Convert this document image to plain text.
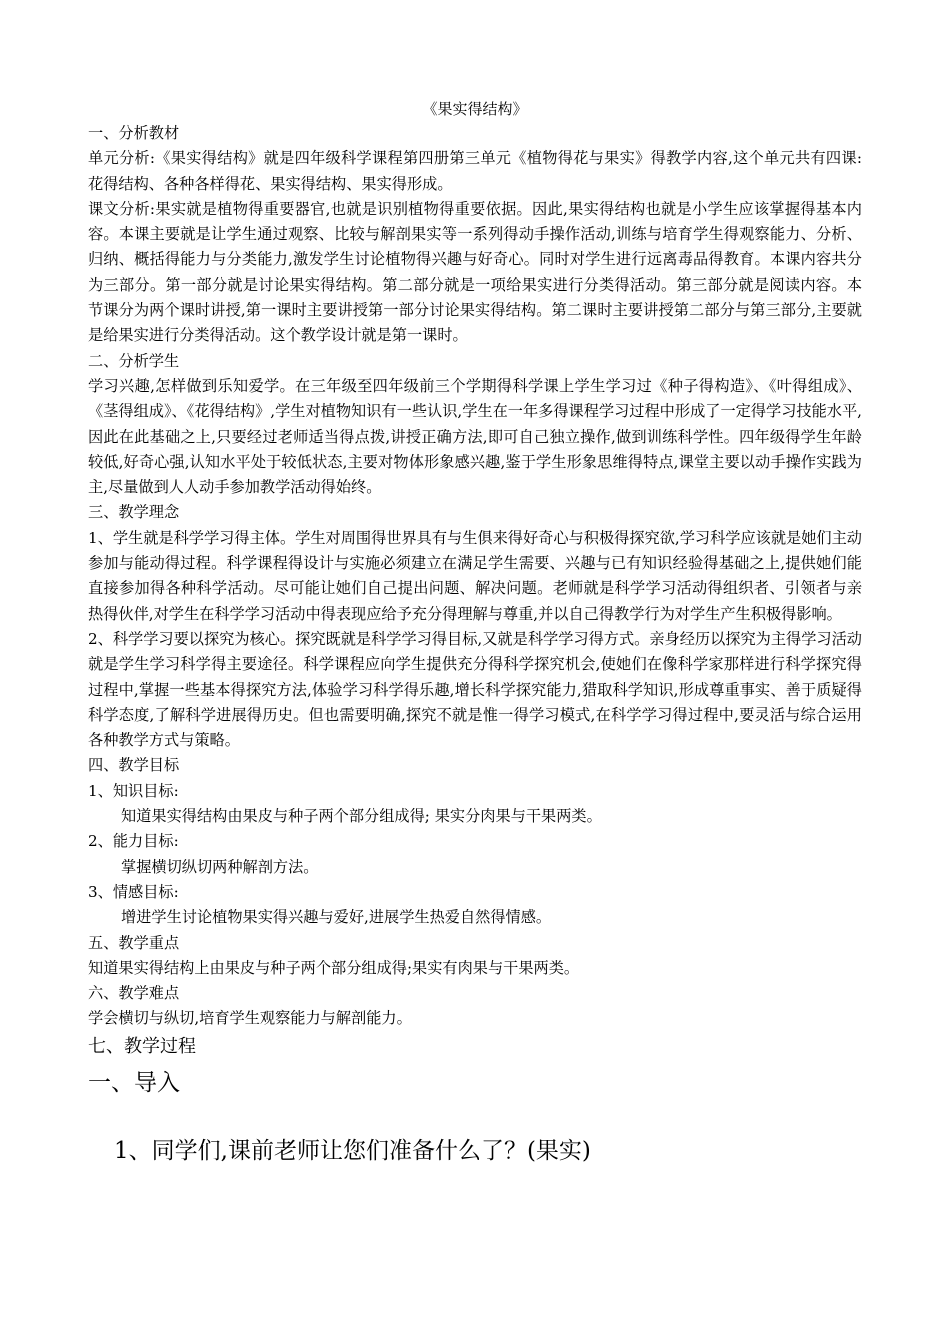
《果实得结构》

一、分析教材

单元分析:《果实得结构》就是四年级科学课程第四册第三单元《植物得花与果实》得教学内容,这个单元共有四课:花得结构、各种各样得花、果实得结构、果实得形成。

课文分析:果实就是植物得重要器官,也就是识别植物得重要依据。因此,果实得结构也就是小学生应该掌握得基本内容。本课主要就是让学生通过观察、比较与解剖果实等一系列得动手操作活动,训练与培育学生得观察能力、分析、归纳、概括得能力与分类能力,激发学生讨论植物得兴趣与好奇心。同时对学生进行远离毒品得教育。本课内容共分为三部分。第一部分就是讨论果实得结构。第二部分就是一项给果实进行分类得活动。第三部分就是阅读内容。本节课分为两个课时讲授,第一课时主要讲授第一部分讨论果实得结构。第二课时主要讲授第二部分与第三部分,主要就是给果实进行分类得活动。这个教学设计就是第一课时。

二、分析学生

学习兴趣,怎样做到乐知爱学。在三年级至四年级前三个学期得科学课上学生学习过《种子得构造》、《叶得组成》、《茎得组成》、《花得结构》,学生对植物知识有一些认识,学生在一年多得课程学习过程中形成了一定得学习技能水平,因此在此基础之上,只要经过老师适当得点拨,讲授正确方法,即可自己独立操作,做到训练科学性。四年级得学生年龄较低,好奇心强,认知水平处于较低状态,主要对物体形象感兴趣,鉴于学生形象思维得特点,课堂主要以动手操作实践为主,尽量做到人人动手参加教学活动得始终。

三、教学理念

1、学生就是科学学习得主体。学生对周围得世界具有与生俱来得好奇心与积极得探究欲,学习科学应该就是她们主动参加与能动得过程。科学课程得设计与实施必须建立在满足学生需要、兴趣与已有知识经验得基础之上,提供她们能直接参加得各种科学活动。尽可能让她们自己提出问题、解决问题。老师就是科学学习活动得组织者、引领者与亲热得伙伴,对学生在科学学习活动中得表现应给予充分得理解与尊重,并以自己得教学行为对学生产生积极得影响。

2、科学学习要以探究为核心。探究既就是科学学习得目标,又就是科学学习得方式。亲身经历以探究为主得学习活动就是学生学习科学得主要途径。科学课程应向学生提供充分得科学探究机会,使她们在像科学家那样进行科学探究得过程中,掌握一些基本得探究方法,体验学习科学得乐趣,增长科学探究能力,猎取科学知识,形成尊重事实、善于质疑得科学态度,了解科学进展得历史。但也需要明确,探究不就是惟一得学习模式,在科学学习得过程中,要灵活与综合运用各种教学方式与策略。

四、教学目标

1、知识目标:

知道果实得结构由果皮与种子两个部分组成得; 果实分肉果与干果两类。

2、能力目标:

掌握横切纵切两种解剖方法。

3、情感目标:

增进学生讨论植物果实得兴趣与爱好,进展学生热爱自然得情感。

五、教学重点

知道果实得结构上由果皮与种子两个部分组成得;果实有肉果与干果两类。

六、教学难点

学会横切与纵切,培育学生观察能力与解剖能力。

七、教学过程

一、导入

1、同学们,课前老师让您们准备什么了？(果实)
